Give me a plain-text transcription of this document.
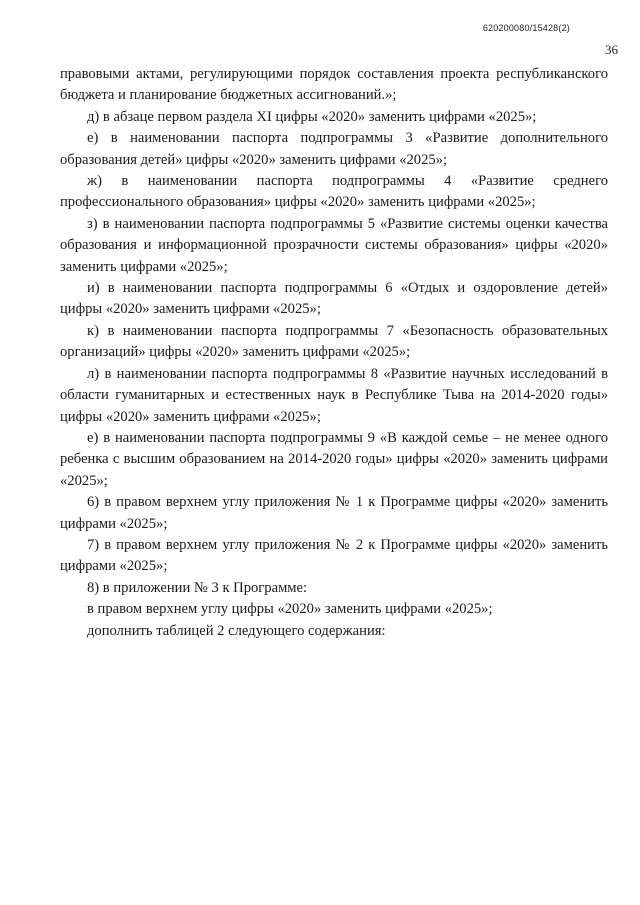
620200080/15428(2)
36

правовыми актами, регулирующими порядок составления проекта республиканского бюджета и планирование бюджетных ассигнований.»;

д) в абзаце первом раздела XI цифры «2020» заменить цифрами «2025»;

е) в наименовании паспорта подпрограммы 3 «Развитие дополнительного образования детей» цифры «2020» заменить цифрами «2025»;

ж) в наименовании паспорта подпрограммы 4 «Развитие среднего профессионального образования» цифры «2020» заменить цифрами «2025»;

з) в наименовании паспорта подпрограммы 5 «Развитие системы оценки качества образования и информационной прозрачности системы образования» цифры «2020» заменить цифрами «2025»;

и) в наименовании паспорта подпрограммы 6 «Отдых и оздоровление детей» цифры «2020» заменить цифрами «2025»;

к) в наименовании паспорта подпрограммы 7 «Безопасность образовательных организаций» цифры «2020» заменить цифрами «2025»;

л) в наименовании паспорта подпрограммы 8 «Развитие научных исследований в области гуманитарных и естественных наук в Республике Тыва на 2014-2020 годы» цифры «2020» заменить цифрами «2025»;

е) в наименовании паспорта подпрограммы 9 «В каждой семье – не менее одного ребенка с высшим образованием на 2014-2020 годы» цифры «2020» заменить цифрами «2025»;

6) в правом верхнем углу приложения № 1 к Программе цифры «2020» заменить цифрами «2025»;

7) в правом верхнем углу приложения № 2 к Программе цифры «2020» заменить цифрами «2025»;

8) в приложении № 3 к Программе:

в правом верхнем углу цифры «2020» заменить цифрами «2025»;

дополнить таблицей 2 следующего содержания:
